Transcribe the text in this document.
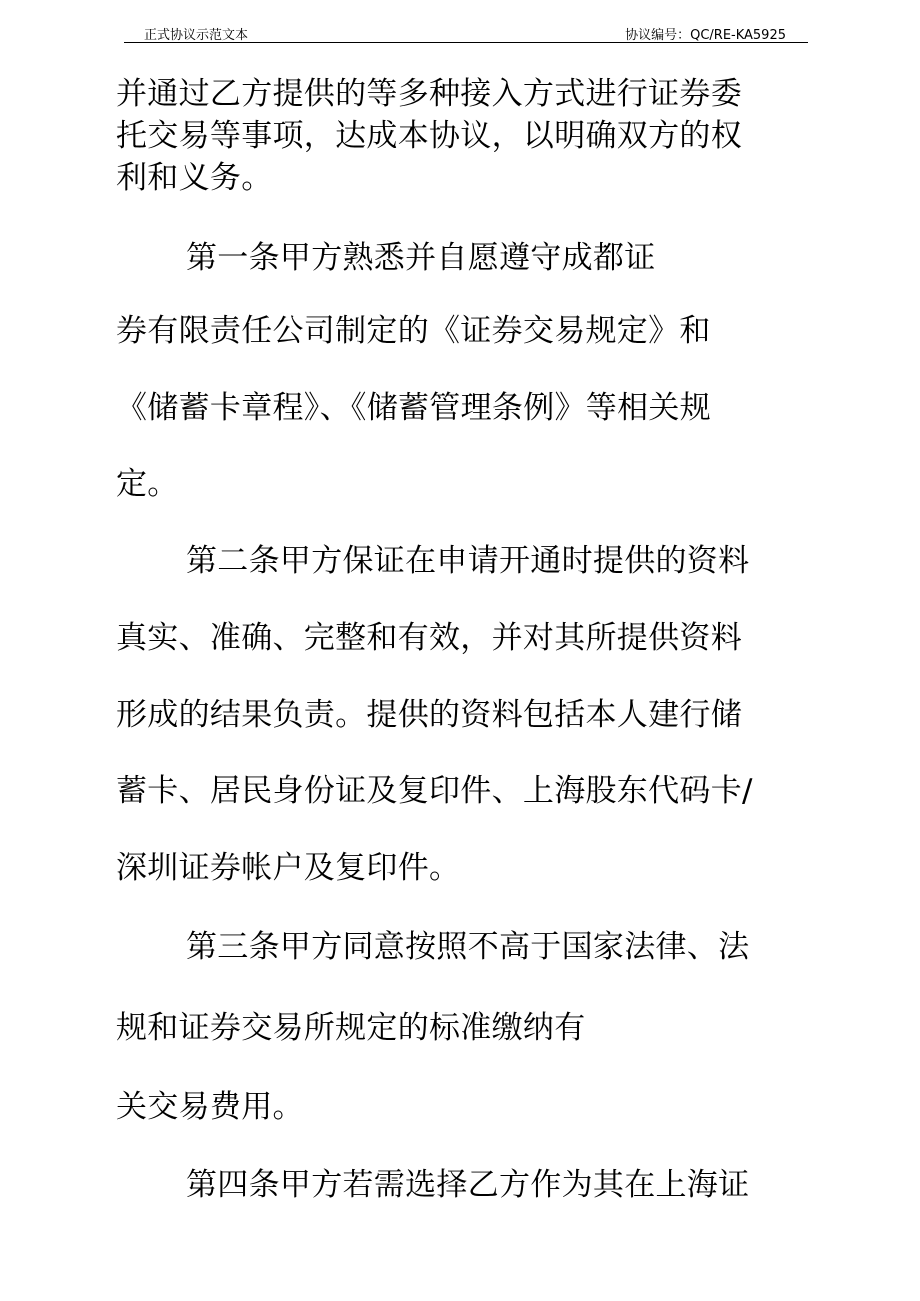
正式协议示范文本	协议编号：QC/RE-KA5925
并通过乙方提供的等多种接入方式进行证券委
托交易等事项，达成本协议，以明确双方的权
利和义务。
第一条甲方熟悉并自愿遵守成都证
券有限责任公司制定的《证券交易规定》和
《储蓄卡章程》、《储蓄管理条例》等相关规
定。
第二条甲方保证在申请开通时提供的资料
真实、准确、完整和有效，并对其所提供资料
形成的结果负责。提供的资料包括本人建行储
蓄卡、居民身份证及复印件、上海股东代码卡/
深圳证券帐户及复印件。
第三条甲方同意按照不高于国家法律、法
规和证券交易所规定的标准缴纳有
关交易费用。
第四条甲方若需选择乙方作为其在上海证
